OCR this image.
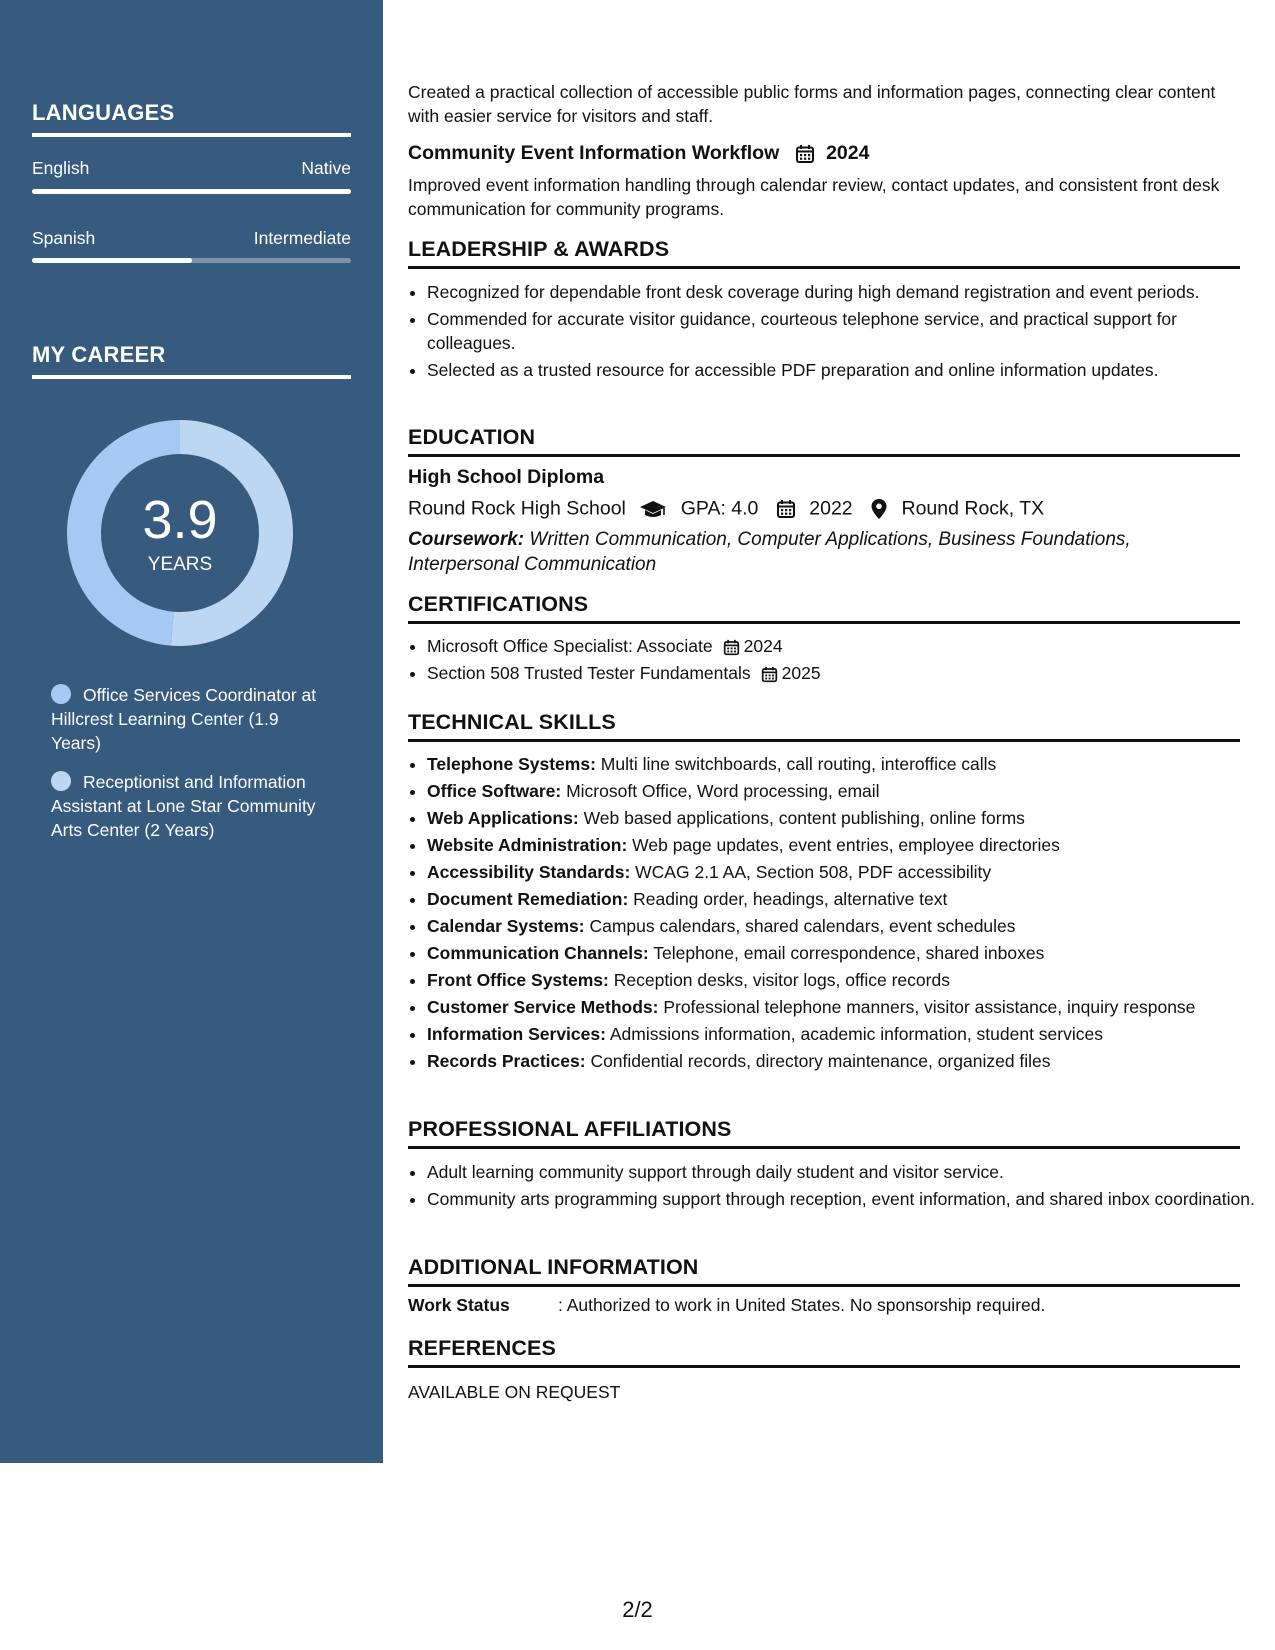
LANGUAGES
English	Native
Spanish	Intermediate
MY CAREER
3.9
YEARS
Office Services Coordinator at Hillcrest Learning Center (1.9 Years)
Receptionist and Information Assistant at Lone Star Community Arts Center (2 Years)
Created a practical collection of accessible public forms and information pages, connecting clear content with easier service for visitors and staff.
Community Event Information Workflow 2024
Improved event information handling through calendar review, contact updates, and consistent front desk communication for community programs.
LEADERSHIP & AWARDS
• Recognized for dependable front desk coverage during high demand registration and event periods.
• Commended for accurate visitor guidance, courteous telephone service, and practical support for colleagues.
• Selected as a trusted resource for accessible PDF preparation and online information updates.
EDUCATION
High School Diploma
Round Rock High School	GPA: 4.0	2022	Round Rock, TX
Coursework: Written Communication, Computer Applications, Business Foundations, Interpersonal Communication
CERTIFICATIONS
• Microsoft Office Specialist: Associate 2024
• Section 508 Trusted Tester Fundamentals 2025
TECHNICAL SKILLS
• Telephone Systems: Multi line switchboards, call routing, interoffice calls
• Office Software: Microsoft Office, Word processing, email
• Web Applications: Web based applications, content publishing, online forms
• Website Administration: Web page updates, event entries, employee directories
• Accessibility Standards: WCAG 2.1 AA, Section 508, PDF accessibility
• Document Remediation: Reading order, headings, alternative text
• Calendar Systems: Campus calendars, shared calendars, event schedules
• Communication Channels: Telephone, email correspondence, shared inboxes
• Front Office Systems: Reception desks, visitor logs, office records
• Customer Service Methods: Professional telephone manners, visitor assistance, inquiry response
• Information Services: Admissions information, academic information, student services
• Records Practices: Confidential records, directory maintenance, organized files
PROFESSIONAL AFFILIATIONS
• Adult learning community support through daily student and visitor service.
• Community arts programming support through reception, event information, and shared inbox coordination.
ADDITIONAL INFORMATION
Work Status	: Authorized to work in United States. No sponsorship required.
REFERENCES
AVAILABLE ON REQUEST
2/2
